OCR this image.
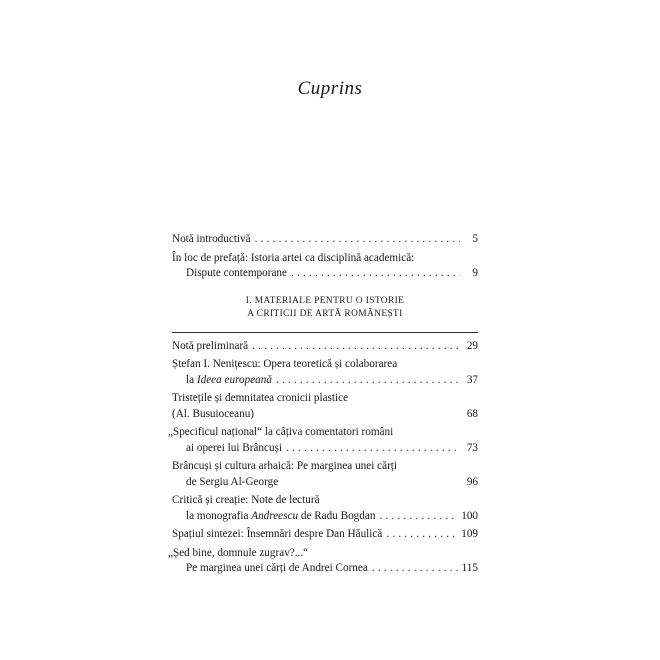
Cuprins
Notă introductivă . . .	5
În loc de prefață: Istoria artei ca disciplină academică:
Dispute contemporane . . .	9
I. MATERIALE PENTRU O ISTORIE
A CRITICII DE ARTĂ ROMÂNEȘTI
Notă preliminară . . .	29
Ștefan I. Nenițescu: Opera teoretică și colaborarea
la Ideea europeană . . .	37
Tristețile și demnitatea cronicii plastice
(Al. Busuioceanu)	68
„Specificul național“ la câțiva comentatori români
ai operei lui Brâncuși . . .	73
Brâncuși și cultura arhaică: Pe marginea unei cărți
de Sergiu Al-George	96
Critică și creație: Note de lectură
la monografia Andreescu de Radu Bogdan . . .	100
Spațiul sintezei: Însemnări despre Dan Hăulică . . .	109
„Șed bine, domnule zugrav?...“
Pe marginea unei cărți de Andrei Cornea . . .	115
